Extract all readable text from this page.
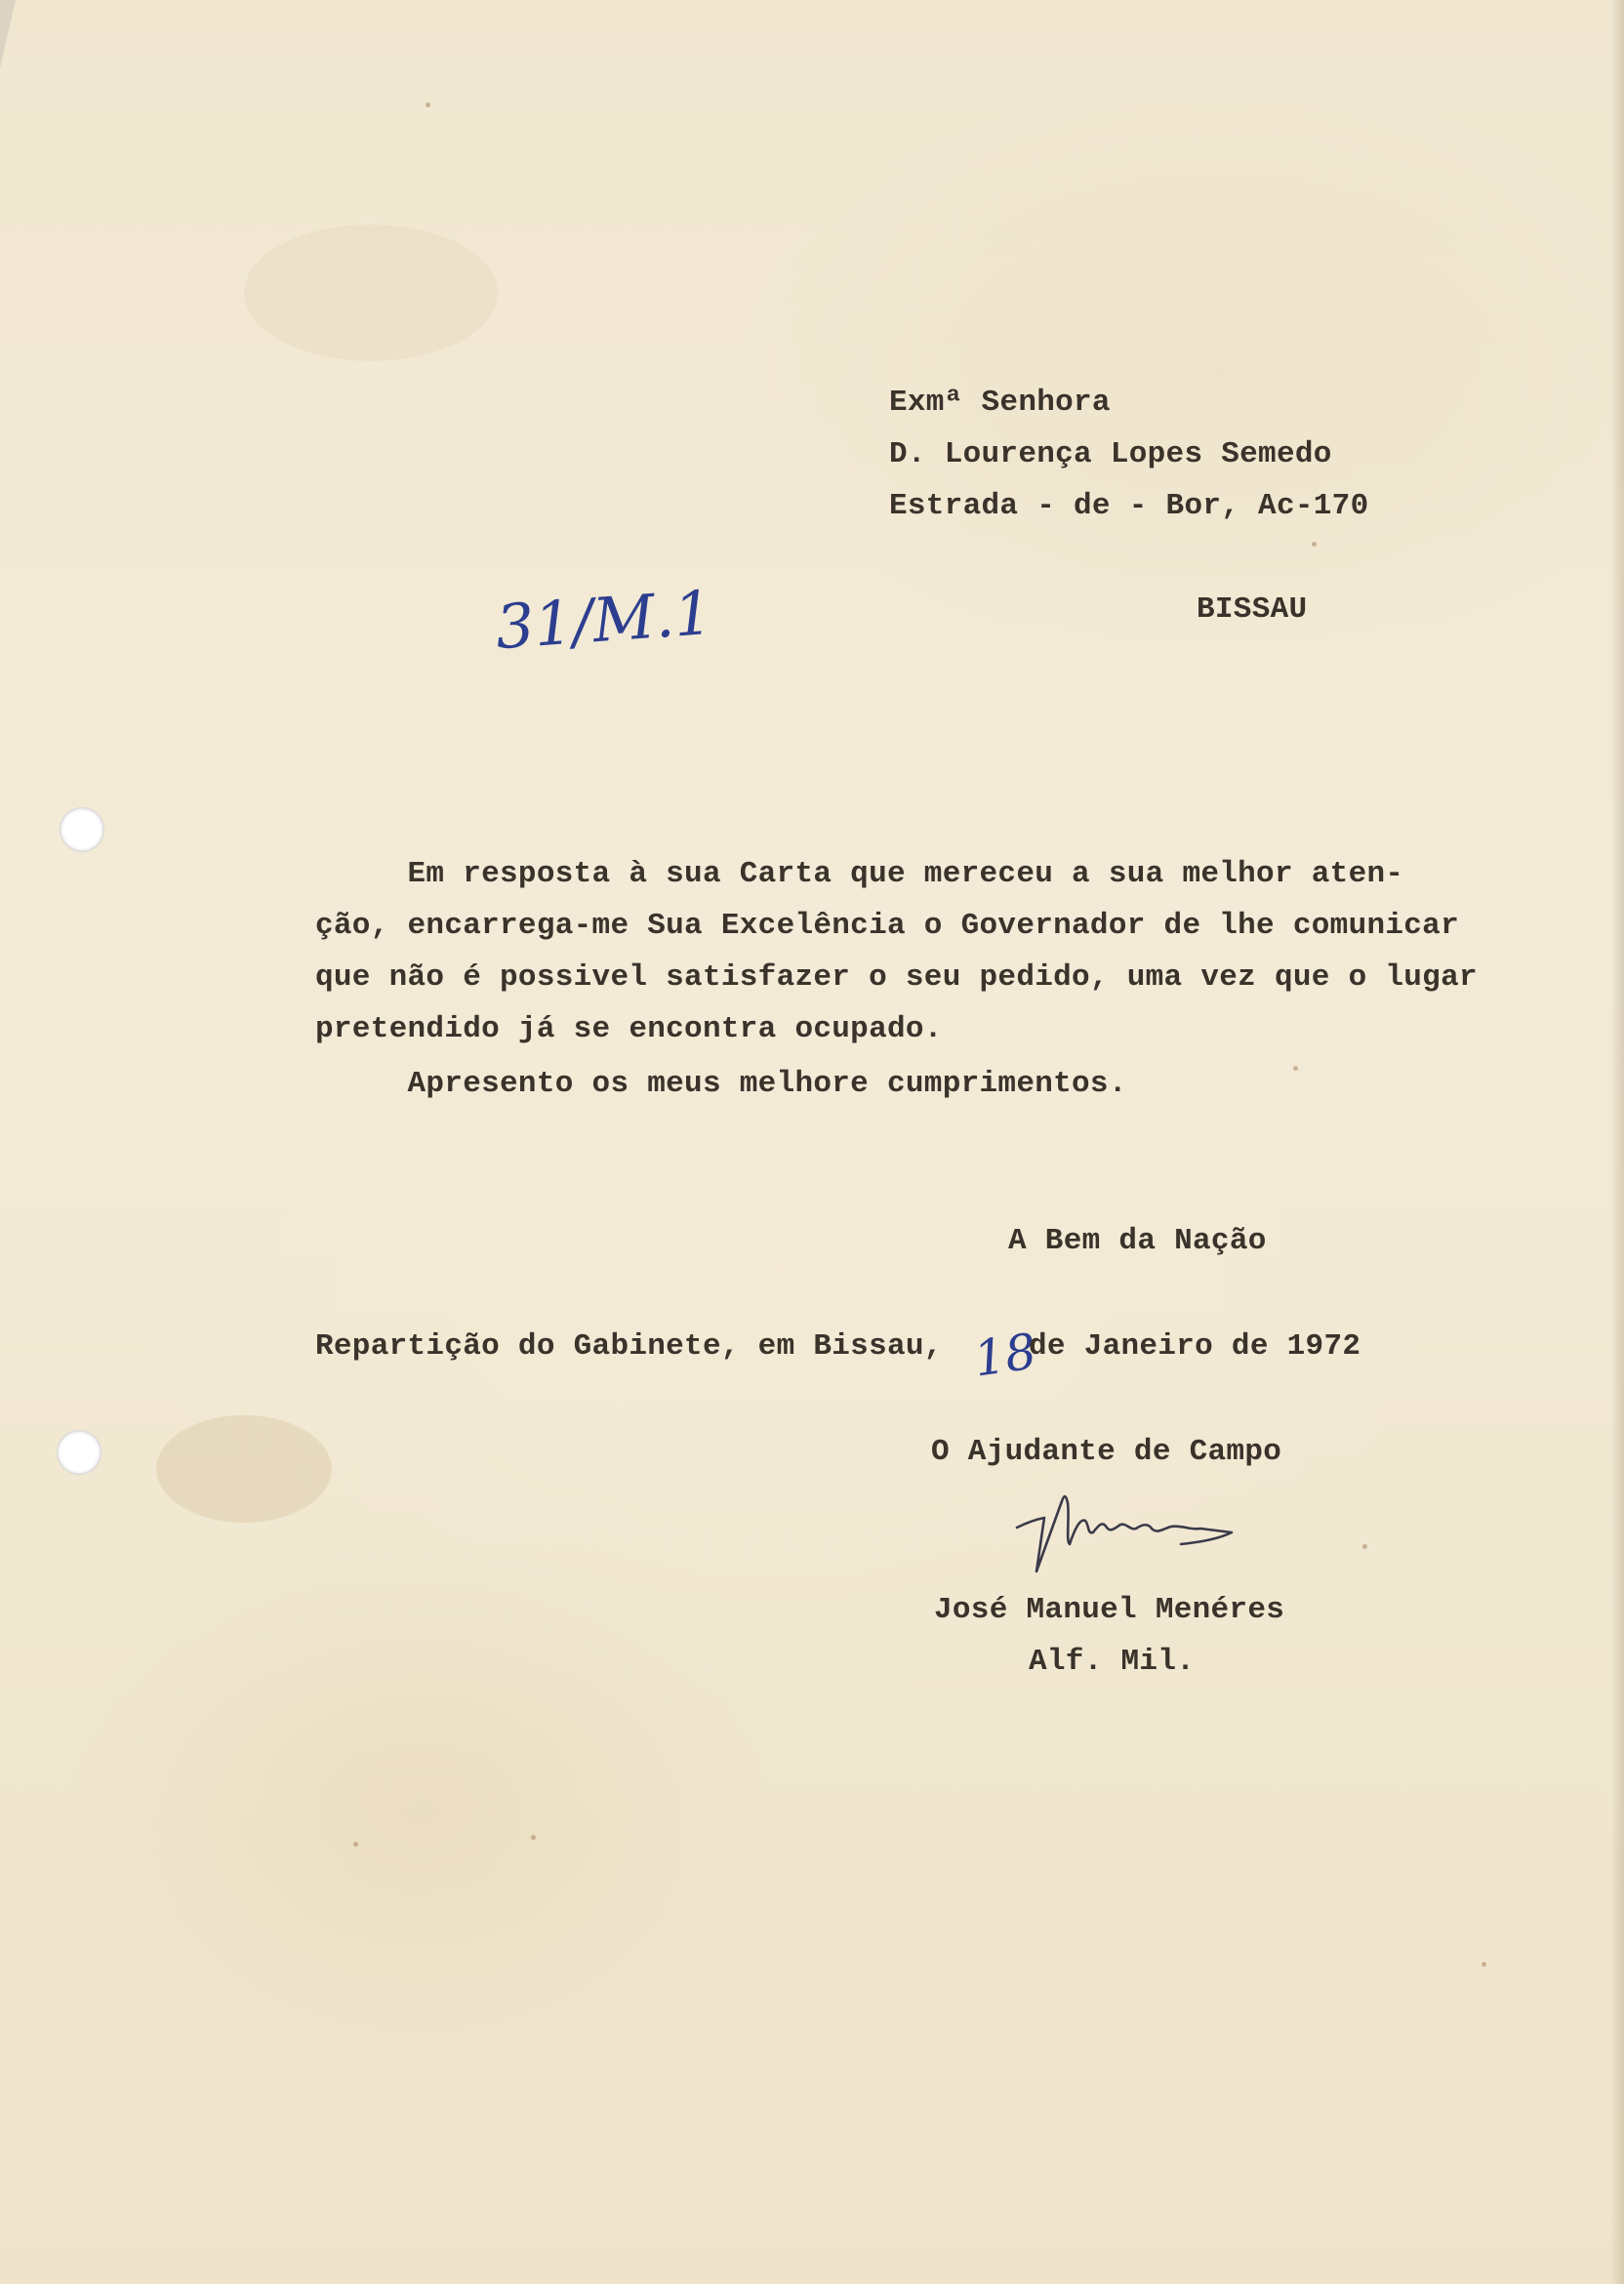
Exmª Senhora
D. Lourença Lopes Semedo
Estrada - de - Bor, Ac-170
BISSAU
31/M.1
Em resposta à sua Carta que mereceu a sua melhor aten-
ção, encarrega-me Sua Excelência o Governador de lhe comunicar
que não é possivel satisfazer o seu pedido, uma vez que o lugar
pretendido já se encontra ocupado.
Apresento os meus melhore cumprimentos.
A Bem da Nação
Repartição do Gabinete, em Bissau, 18
de Janeiro de 1972
O Ajudante de Campo
José Manuel Menéres
Alf. Mil.
